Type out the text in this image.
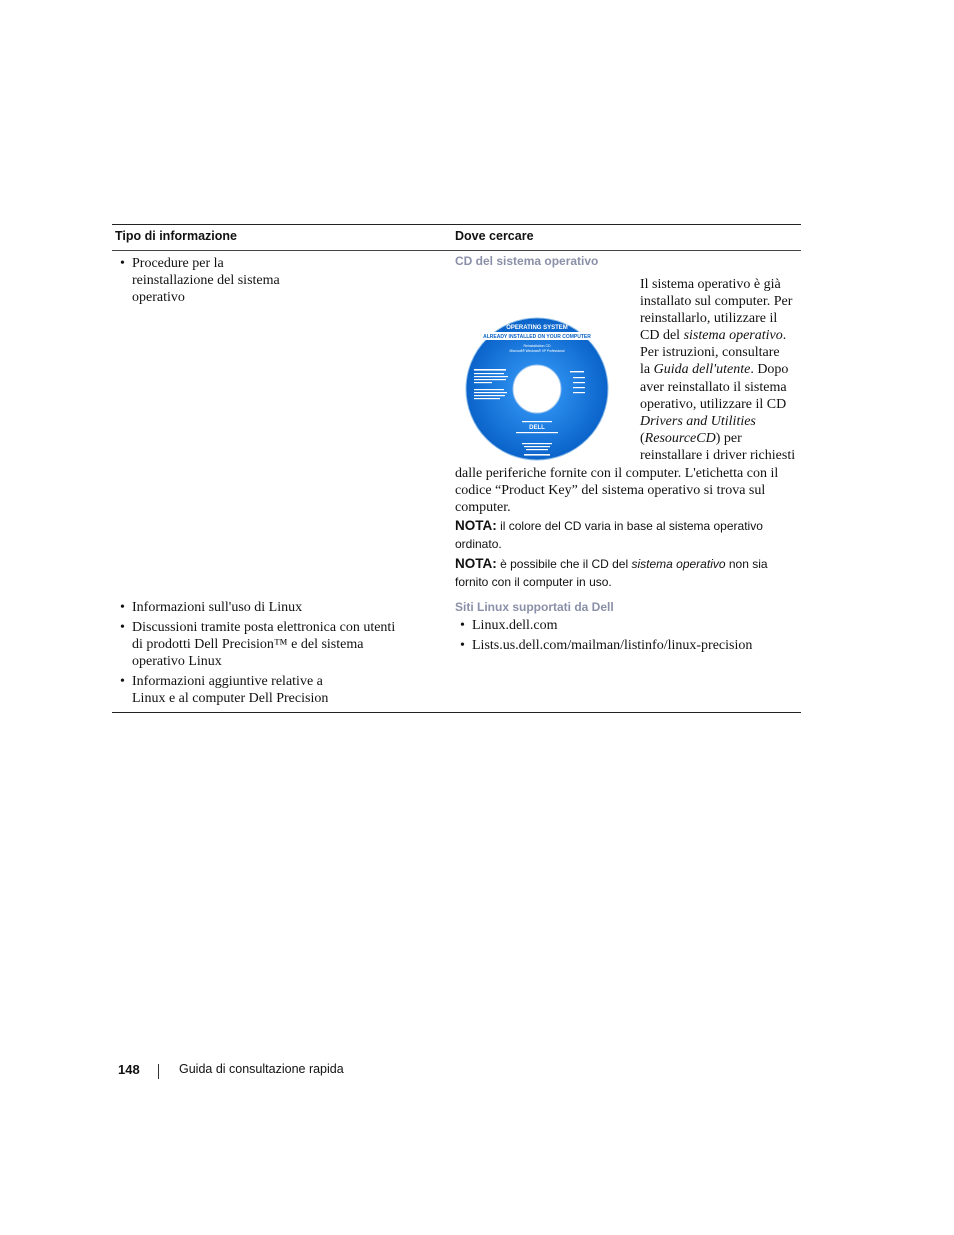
Tipo di informazione	Dove cercare
• Procedure per la reinstallazione del sistema operativo
CD del sistema operativo
OPERATING SYSTEM
ALREADY INSTALLED ON YOUR COMPUTER
Reinstallation CD
Microsoft® Windows® XP Professional
DELL
Il sistema operativo è già
installato sul computer. Per
reinstallarlo, utilizzare il
CD del sistema operativo.
Per istruzioni, consultare
la Guida dell'utente. Dopo
aver reinstallato il sistema
operativo, utilizzare il CD
Drivers and Utilities
(ResourceCD) per
reinstallare i driver richiesti
dalle periferiche fornite con il computer. L'etichetta con il
codice “Product Key” del sistema operativo si trova sul
computer.
NOTA: il colore del CD varia in base al sistema operativo ordinato.
NOTA: è possibile che il CD del sistema operativo non sia fornito con il computer in uso.
• Informazioni sull'uso di Linux
• Discussioni tramite posta elettronica con utenti di prodotti Dell Precision™ e del sistema operativo Linux
• Informazioni aggiuntive relative a Linux e al computer Dell Precision
Siti Linux supportati da Dell
• Linux.dell.com
• Lists.us.dell.com/mailman/listinfo/linux-precision
148	Guida di consultazione rapida
